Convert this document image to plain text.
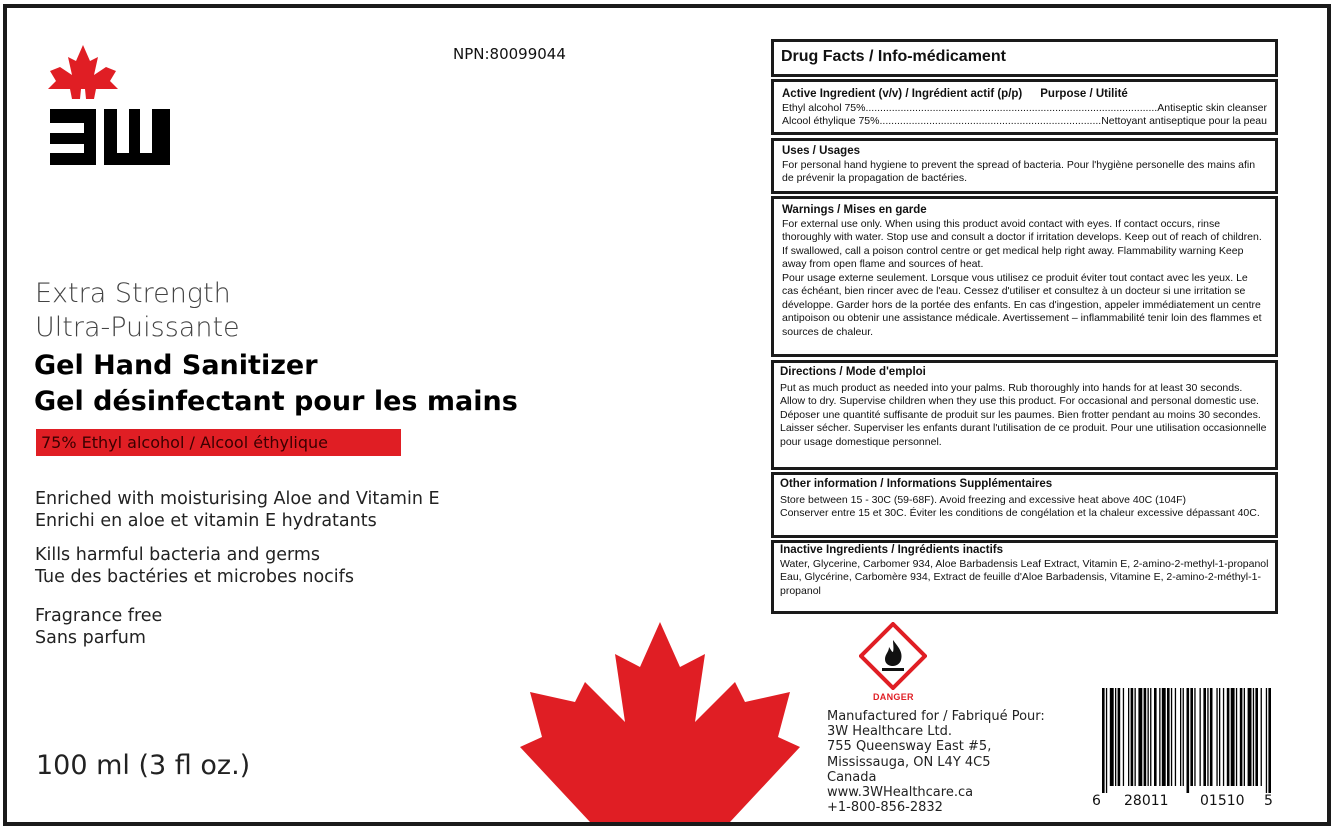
NPN:80099044
Extra Strength
Ultra-Puissante
Gel Hand Sanitizer
Gel désinfectant pour les mains
75% Ethyl alcohol / Alcool éthylique
Enriched with moisturising Aloe and Vitamin E
Enrichi en aloe et vitamin E hydratants
Kills harmful bacteria and germs
Tue des bactéries et microbes nocifs
Fragrance free
Sans parfum
100 ml (3 fl oz.)
Drug Facts / Info-médicament
Active Ingredient (v/v) / Ingrédient actif (p/p) Purpose / Utilité
Ethyl alcohol 75% .....	Antiseptic skin cleanser
Alcool éthylique 75% .....	Nettoyant antiseptique pour la peau
Uses / Usages
For personal hand hygiene to prevent the spread of bacteria. Pour l'hygiène personelle des mains afin de prévenir la propagation de bactéries.
Warnings / Mises en garde
For external use only. When using this product avoid contact with eyes. If contact occurs, rinse thoroughly with water. Stop use and consult a doctor if irritation develops. Keep out of reach of children. If swallowed, call a poison control centre or get medical help right away. Flammability warning Keep away from open flame and sources of heat.
Pour usage externe seulement. Lorsque vous utilisez ce produit éviter tout contact avec les yeux. Le cas échéant, bien rincer avec de l'eau. Cessez d'utiliser et consultez à un docteur si une irritation se développe. Garder hors de la portée des enfants. En cas d'ingestion, appeler immédiatement un centre antipoison ou obtenir une assistance médicale. Avertissement – inflammabilité tenir loin des flammes et sources de chaleur.
Directions / Mode d'emploi
Put as much product as needed into your palms. Rub thoroughly into hands for at least 30 seconds. Allow to dry. Supervise children when they use this product. For occasional and personal domestic use.
Déposer une quantité suffisante de produit sur les paumes. Bien frotter pendant au moins 30 secondes. Laisser sécher. Superviser les enfants durant l'utilisation de ce produit. Pour une utilisation occasionnelle pour usage domestique personnel.
Other information / Informations Supplémentaires
Store between 15 - 30C (59-68F). Avoid freezing and excessive heat above 40C (104F)
Conserver entre 15 et 30C. Éviter les conditions de congélation et la chaleur excessive dépassant 40C.
Inactive Ingredients / Ingrédients inactifs
Water, Glycerine, Carbomer 934, Aloe Barbadensis Leaf Extract, Vitamin E, 2-amino-2-methyl-1-propanol
Eau, Glycérine, Carbomère 934, Extract de feuille d'Aloe Barbadensis, Vitamine E, 2-amino-2-méthyl-1-propanol
DANGER
Manufactured for / Fabriqué Pour:
3W Healthcare Ltd.
755 Queensway East #5,
Mississauga, ON L4Y 4C5
Canada
www.3WHealthcare.ca
+1-800-856-2832	6 28011 01510 5
